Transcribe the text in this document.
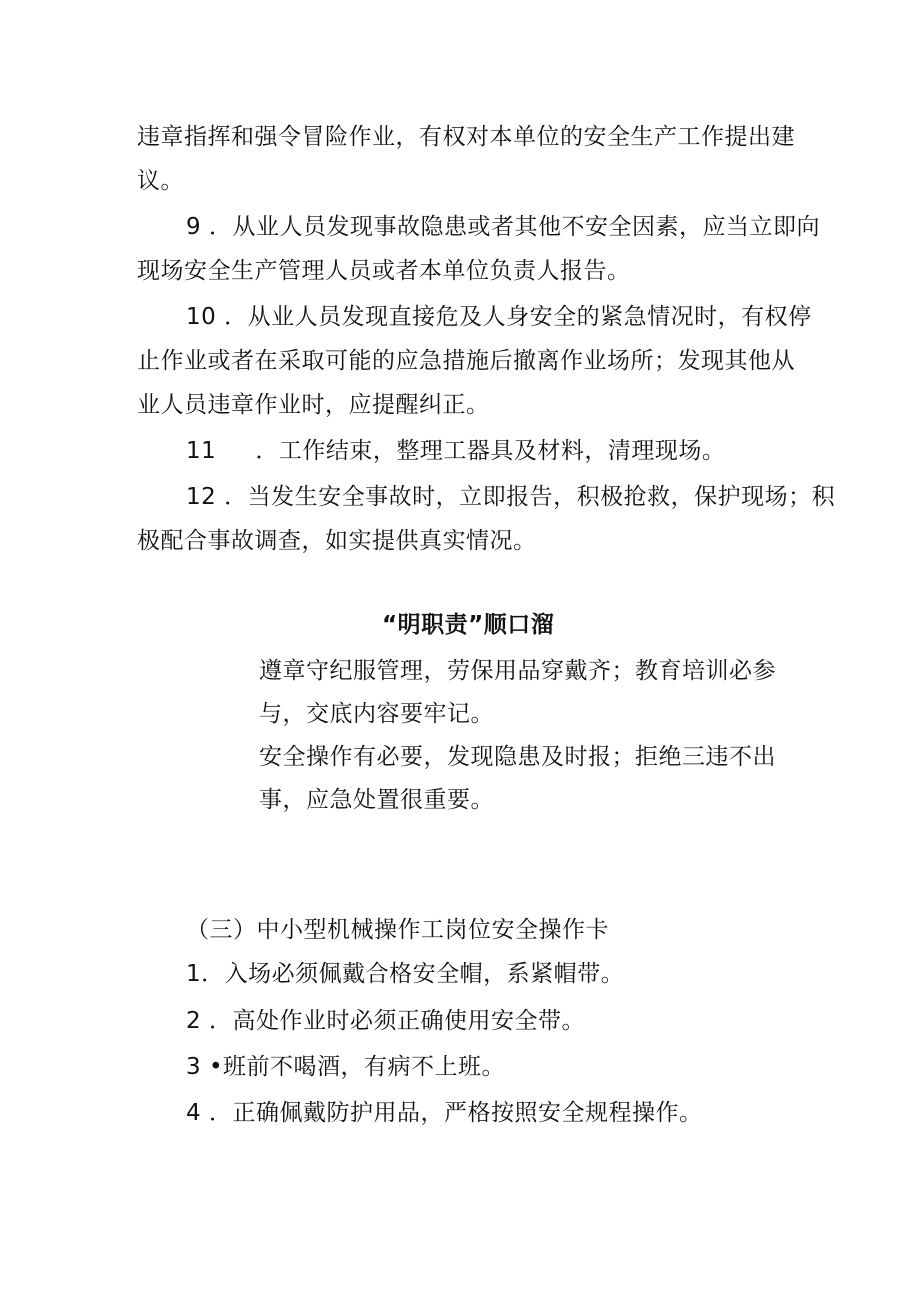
违章指挥和强令冒险作业，有权对本单位的安全生产工作提出建
议。
9 ．从业人员发现事故隐患或者其他不安全因素，应当立即向
现场安全生产管理人员或者本单位负责人报告。
10 ．从业人员发现直接危及人身安全的紧急情况时，有权停
止作业或者在采取可能的应急措施后撤离作业场所；发现其他从
业人员违章作业时，应提醒纠正。
11 　 ．工作结束，整理工器具及材料，清理现场。
12 ．当发生安全事故时，立即报告，积极抢救，保护现场；积
极配合事故调查，如实提供真实情况。
“明职责”顺口溜
遵章守纪服管理，劳保用品穿戴齐；教育培训必参
与，交底内容要牢记。
安全操作有必要，发现隐患及时报；拒绝三违不出
事，应急处置很重要。
（三）中小型机械操作工岗位安全操作卡
1．入场必须佩戴合格安全帽，系紧帽带。
2 ．高处作业时必须正确使用安全带。
3 •班前不喝酒，有病不上班。
4 ．正确佩戴防护用品，严格按照安全规程操作。
